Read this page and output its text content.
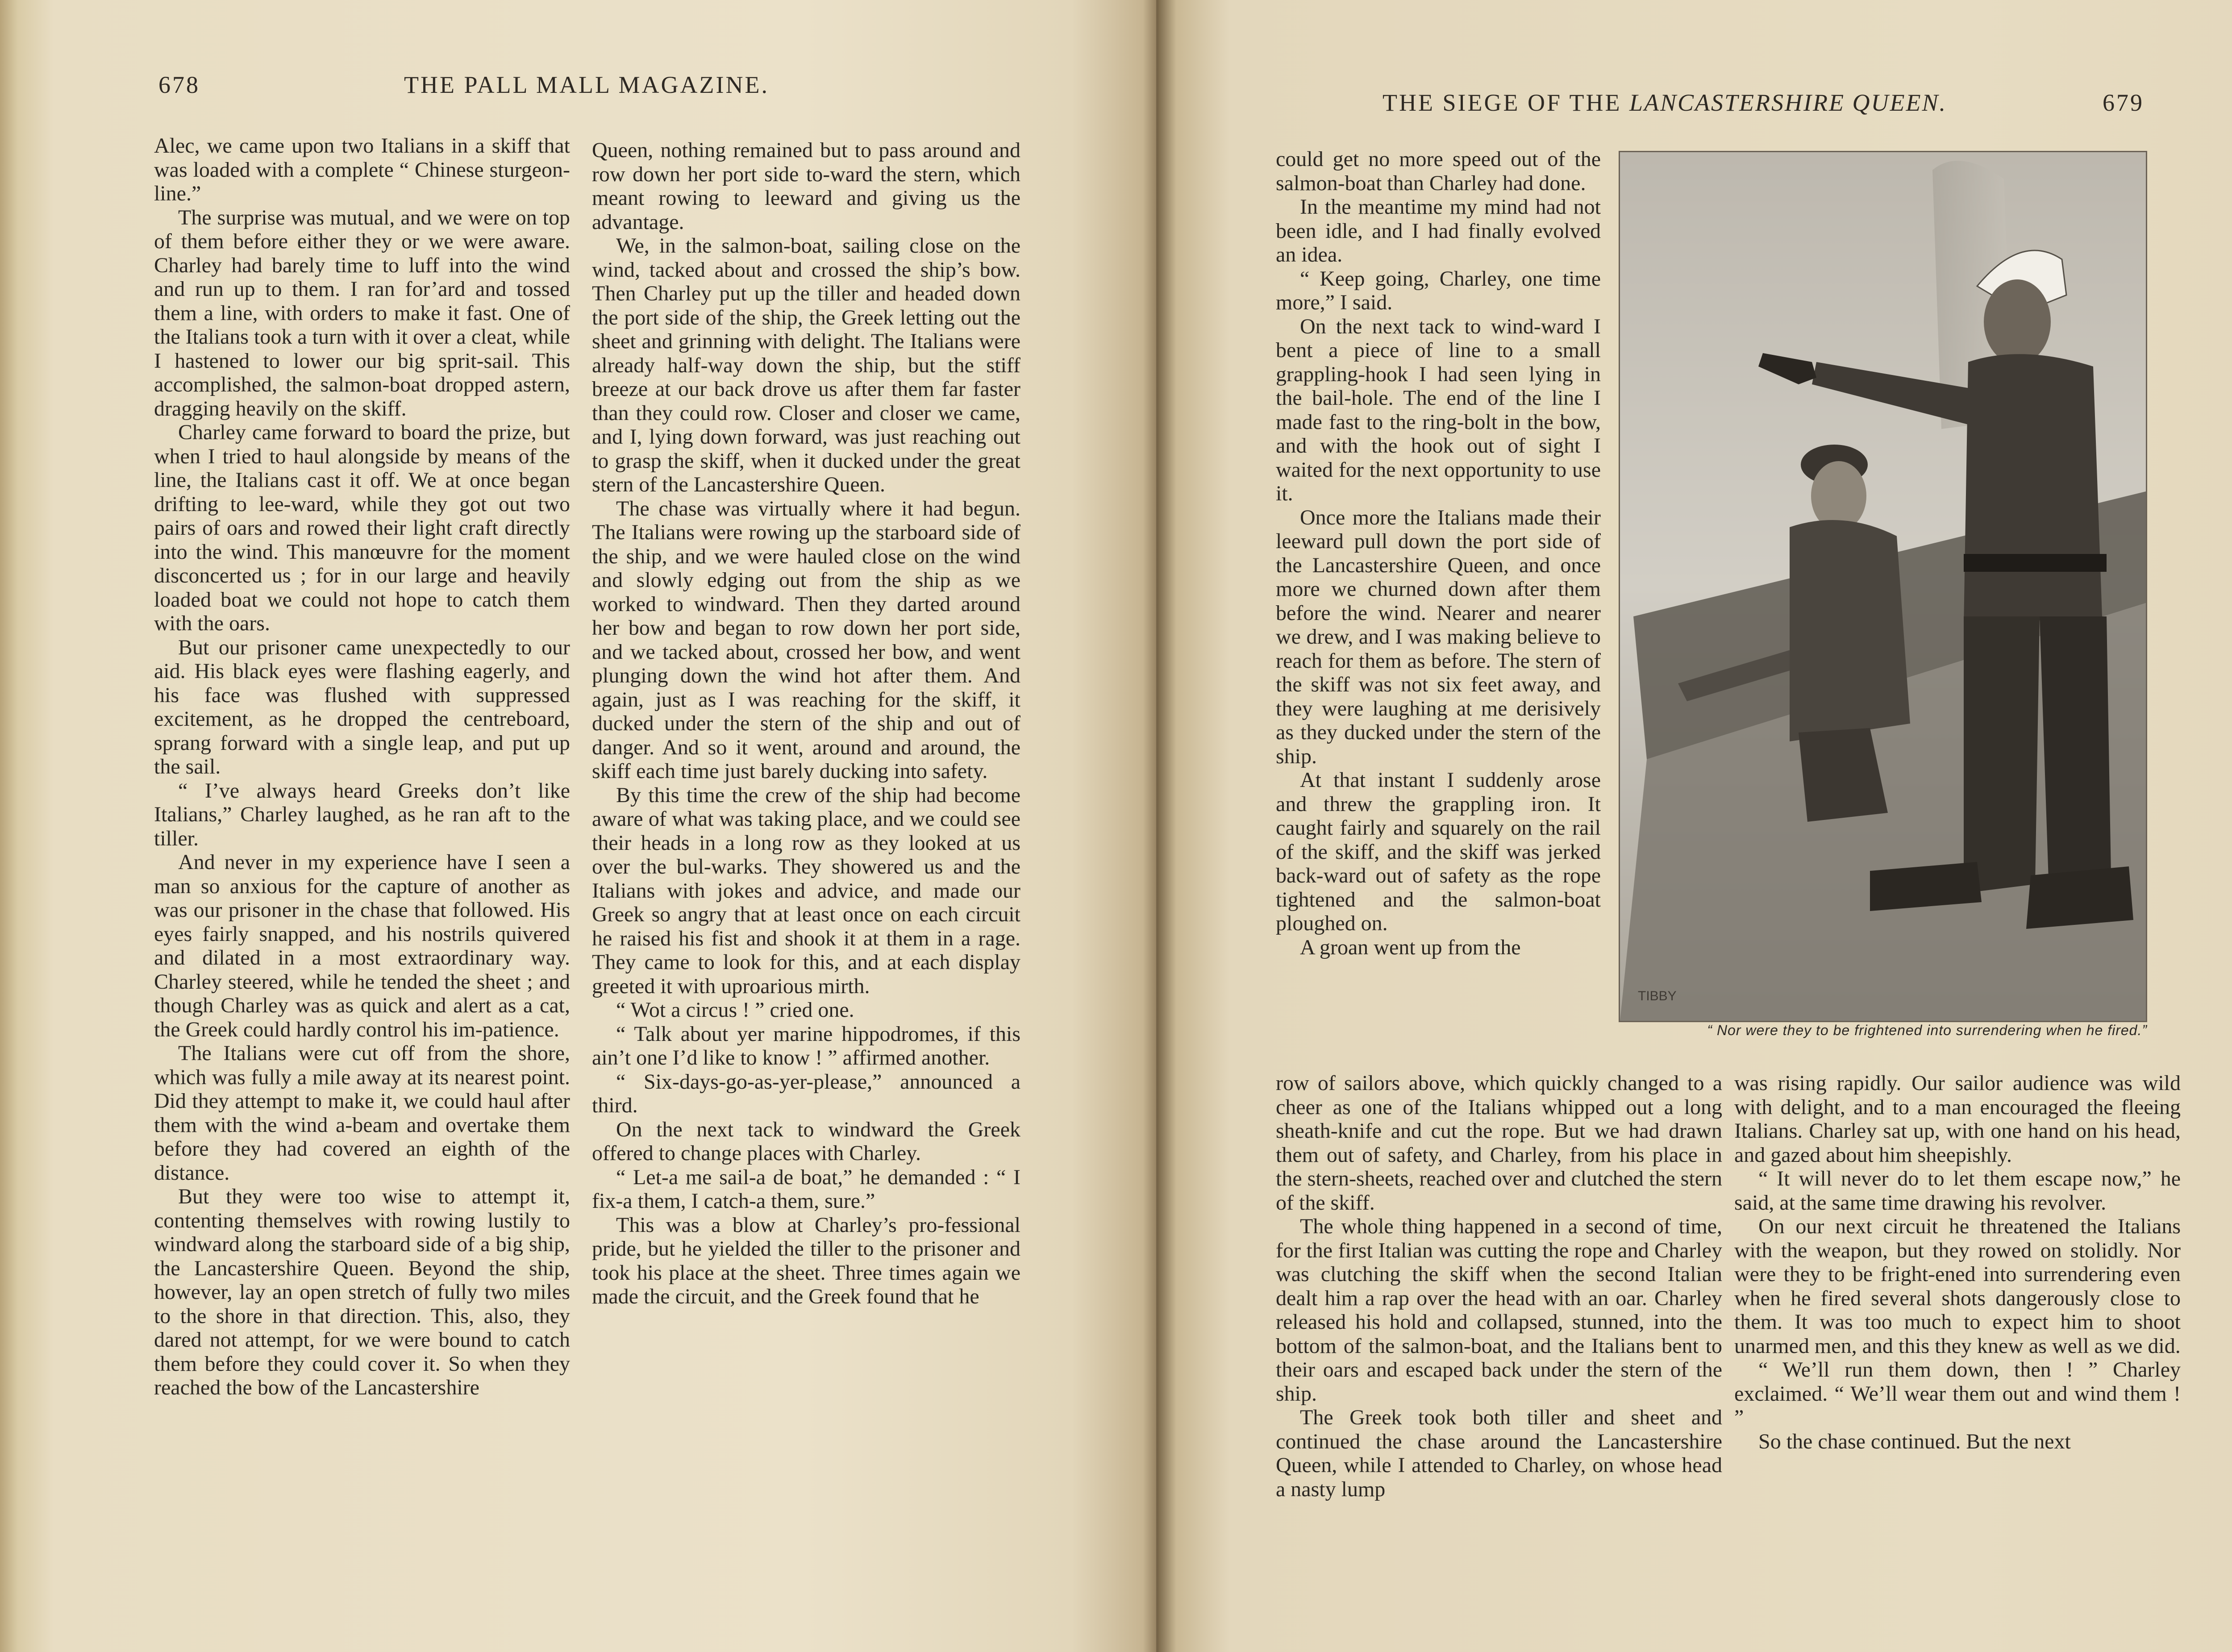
678	THE PALL MALL MAGAZINE.

Alec, we came upon two Italians in a skiff that was loaded with a complete “ Chinese sturgeon-line.”

The surprise was mutual, and we were on top of them before either they or we were aware. Charley had barely time to luff into the wind and run up to them. I ran for’ard and tossed them a line, with orders to make it fast. One of the Italians took a turn with it over a cleat, while I hastened to lower our big sprit-sail. This accomplished, the salmon-boat dropped astern, dragging heavily on the skiff.

Charley came forward to board the prize, but when I tried to haul alongside by means of the line, the Italians cast it off. We at once began drifting to lee-ward, while they got out two pairs of oars and rowed their light craft directly into the wind. This manœuvre for the moment disconcerted us ; for in our large and heavily loaded boat we could not hope to catch them with the oars.

But our prisoner came unexpectedly to our aid. His black eyes were flashing eagerly, and his face was flushed with suppressed excitement, as he dropped the centreboard, sprang forward with a single leap, and put up the sail.

“ I’ve always heard Greeks don’t like Italians,” Charley laughed, as he ran aft to the tiller.

And never in my experience have I seen a man so anxious for the capture of another as was our prisoner in the chase that followed. His eyes fairly snapped, and his nostrils quivered and dilated in a most extraordinary way. Charley steered, while he tended the sheet ; and though Charley was as quick and alert as a cat, the Greek could hardly control his im-patience.

The Italians were cut off from the shore, which was fully a mile away at its nearest point. Did they attempt to make it, we could haul after them with the wind a-beam and overtake them before they had covered an eighth of the distance.

But they were too wise to attempt it, contenting themselves with rowing lustily to windward along the starboard side of a big ship, the Lancastershire Queen. Beyond the ship, however, lay an open stretch of fully two miles to the shore in that direction. This, also, they dared not attempt, for we were bound to catch them before they could cover it. So when they reached the bow of the Lancastershire

Queen, nothing remained but to pass around and row down her port side to-ward the stern, which meant rowing to leeward and giving us the advantage.

We, in the salmon-boat, sailing close on the wind, tacked about and crossed the ship’s bow. Then Charley put up the tiller and headed down the port side of the ship, the Greek letting out the sheet and grinning with delight. The Italians were already half-way down the ship, but the stiff breeze at our back drove us after them far faster than they could row. Closer and closer we came, and I, lying down forward, was just reaching out to grasp the skiff, when it ducked under the great stern of the Lancastershire Queen.

The chase was virtually where it had begun. The Italians were rowing up the starboard side of the ship, and we were hauled close on the wind and slowly edging out from the ship as we worked to windward. Then they darted around her bow and began to row down her port side, and we tacked about, crossed her bow, and went plunging down the wind hot after them. And again, just as I was reaching for the skiff, it ducked under the stern of the ship and out of danger. And so it went, around and around, the skiff each time just barely ducking into safety.

By this time the crew of the ship had become aware of what was taking place, and we could see their heads in a long row as they looked at us over the bul-warks. They showered us and the Italians with jokes and advice, and made our Greek so angry that at least once on each circuit he raised his fist and shook it at them in a rage. They came to look for this, and at each display greeted it with uproarious mirth.

“ Wot a circus ! ” cried one.

“ Talk about yer marine hippodromes, if this ain’t one I’d like to know ! ” affirmed another.

“ Six-days-go-as-yer-please,” announced a third.

On the next tack to windward the Greek offered to change places with Charley.

“ Let-a me sail-a de boat,” he demanded : “ I fix-a them, I catch-a them, sure.”

This was a blow at Charley’s pro-fessional pride, but he yielded the tiller to the prisoner and took his place at the sheet. Three times again we made the circuit, and the Greek found that he

THE SIEGE OF THE LANCASTERSHIRE QUEEN.	679

could get no more speed out of the salmon-boat than Charley had done.

In the meantime my mind had not been idle, and I had finally evolved an idea.

“ Keep going, Charley, one time more,” I said.

On the next tack to wind-ward I bent a piece of line to a small grappling-hook I had seen lying in the bail-hole. The end of the line I made fast to the ring-bolt in the bow, and with the hook out of sight I waited for the next opportunity to use it.

Once more the Italians made their leeward pull down the port side of the Lancastershire Queen, and once more we churned down after them before the wind. Nearer and nearer we drew, and I was making believe to reach for them as before. The stern of the skiff was not six feet away, and they were laughing at me derisively as they ducked under the stern of the ship.

At that instant I suddenly arose and threw the grappling iron. It caught fairly and squarely on the rail of the skiff, and the skiff was jerked back-ward out of safety as the rope tightened and the salmon-boat ploughed on.

A groan went up from the

row of sailors above, which quickly changed to a cheer as one of the Italians whipped out a long sheath-knife and cut the rope. But we had drawn them out of safety, and Charley, from his place in the stern-sheets, reached over and clutched the stern of the skiff.

The whole thing happened in a second of time, for the first Italian was cutting the rope and Charley was clutching the skiff when the second Italian dealt him a rap over the head with an oar. Charley released his hold and collapsed, stunned, into the bottom of the salmon-boat, and the Italians bent to their oars and escaped back under the stern of the ship.

The Greek took both tiller and sheet and continued the chase around the Lancastershire Queen, while I attended to Charley, on whose head a nasty lump

was rising rapidly. Our sailor audience was wild with delight, and to a man encouraged the fleeing Italians. Charley sat up, with one hand on his head, and gazed about him sheepishly.

“ It will never do to let them escape now,” he said, at the same time drawing his revolver.

On our next circuit he threatened the Italians with the weapon, but they rowed on stolidly. Nor were they to be fright-ened into surrendering even when he fired several shots dangerously close to them. It was too much to expect him to shoot unarmed men, and this they knew as well as we did.

“ We’ll run them down, then ! ” Charley exclaimed. “ We’ll wear them out and wind them ! ”

So the chase continued. But the next

TIBBY
“ Nor were they to be frightened into surrendering when he fired.”
